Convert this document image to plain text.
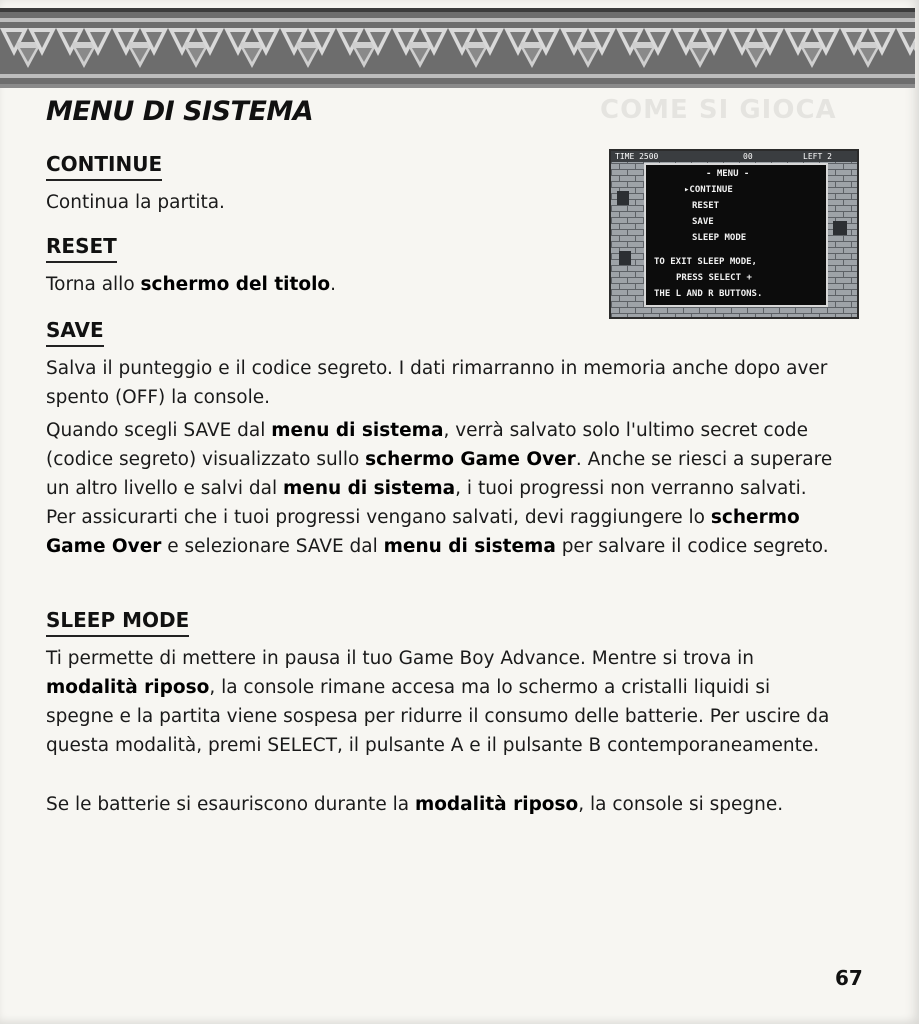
COME SI GIOCA
MENU DI SISTEMA
CONTINUE

Continua la partita.

RESET

Torna allo schermo del titolo.

SAVE

Salva il punteggio e il codice segreto. I dati rimarranno in memoria anche dopo aver spento (OFF) la console.

Quando scegli SAVE dal menu di sistema, verrà salvato solo l'ultimo secret code (codice segreto) visualizzato sullo schermo Game Over. Anche se riesci a superare un altro livello e salvi dal menu di sistema, i tuoi progressi non verranno salvati. Per assicurarti che i tuoi progressi vengano salvati, devi raggiungere lo schermo Game Over e selezionare SAVE dal menu di sistema per salvare il codice segreto.

SLEEP MODE

Ti permette di mettere in pausa il tuo Game Boy Advance. Mentre si trova in modalità riposo, la console rimane accesa ma lo schermo a cristalli liquidi si spegne e la partita viene sospesa per ridurre il consumo delle batterie. Per uscire da questa modalità, premi SELECT, il pulsante A e il pulsante B contemporaneamente.

Se le batterie si esauriscono durante la modalità riposo, la console si spegne.

TIME 2500	00	LEFT 2
- MENU -
▸CONTINUE
RESET
SAVE
SLEEP MODE
TO EXIT SLEEP MODE,
PRESS SELECT +
THE L AND R BUTTONS.
67
